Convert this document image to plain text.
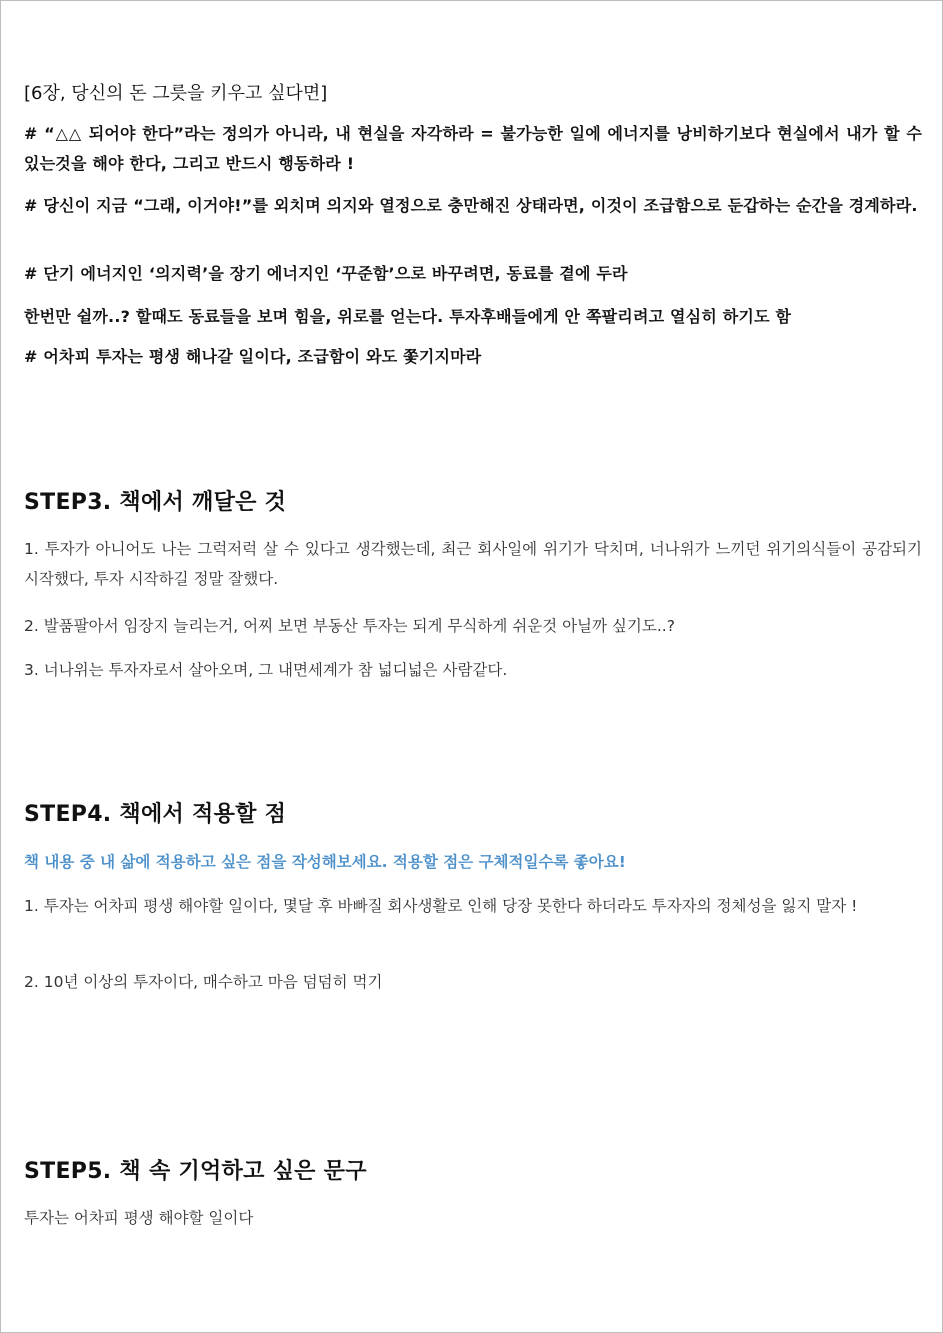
[6장, 당신의 돈 그릇을 키우고 싶다면]
# “△△ 되어야 한다”라는 정의가 아니라, 내 현실을 자각하라 = 불가능한 일에 에너지를 낭비하기보다 현실에서 내가 할 수 있는것을 해야 한다, 그리고 반드시 행동하라 !
# 당신이 지금 “그래, 이거야!”를 외치며 의지와 열정으로 충만해진 상태라면, 이것이 조급함으로 둔갑하는 순간을 경계하라.
# 단기 에너지인 ‘의지력’을 장기 에너지인 ‘꾸준함’으로 바꾸려면, 동료를 곁에 두라
한번만 쉴까..? 할때도 동료들을 보며 힘을, 위로를 얻는다. 투자후배들에게 안 쪽팔리려고 열심히 하기도 함
# 어차피 투자는 평생 해나갈 일이다, 조급함이 와도 쫓기지마라
STEP3. 책에서 깨달은 것
1. 투자가 아니어도 나는 그럭저럭 살 수 있다고 생각했는데, 최근 회사일에 위기가 닥치며, 너나위가 느끼던 위기의식들이 공감되기 시작했다, 투자 시작하길 정말 잘했다.
2. 발품팔아서 임장지 늘리는거, 어찌 보면 부동산 투자는 되게 무식하게 쉬운것 아닐까 싶기도..?
3. 너나위는 투자자로서 살아오며, 그 내면세계가 참 넓디넓은 사람같다.
STEP4. 책에서 적용할 점
책 내용 중 내 삶에 적용하고 싶은 점을 작성해보세요. 적용할 점은 구체적일수록 좋아요!
1. 투자는 어차피 평생 해야할 일이다, 몇달 후 바빠질 회사생활로 인해 당장 못한다 하더라도 투자자의 정체성을 잃지 말자 !
2. 10년 이상의 투자이다, 매수하고 마음 덤덤히 먹기
STEP5. 책 속 기억하고 싶은 문구
투자는 어차피 평생 해야할 일이다
